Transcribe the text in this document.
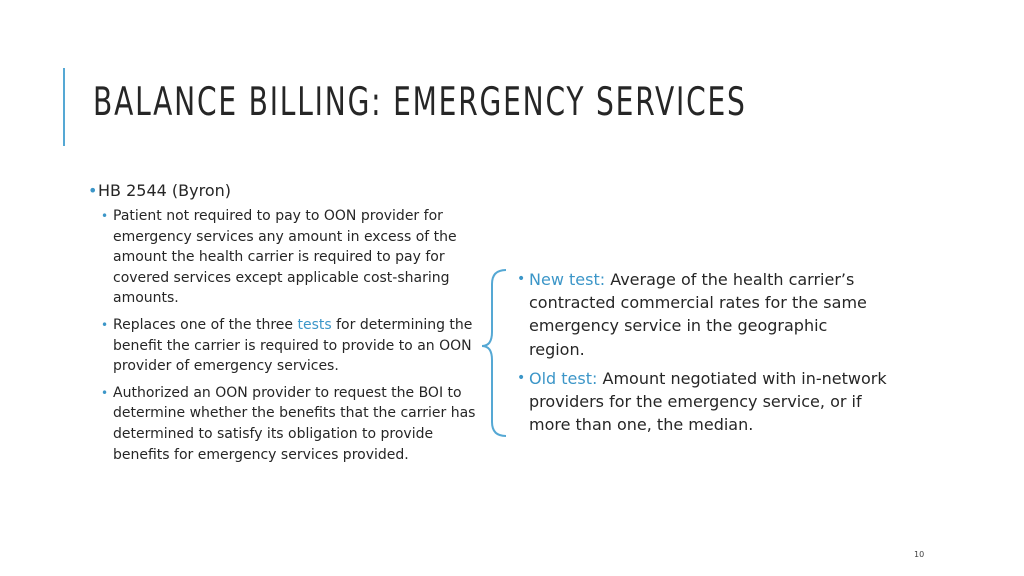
BALANCE BILLING: EMERGENCY SERVICES
• HB 2544 (Byron)
• Patient not required to pay to OON provider for emergency services any amount in excess of the amount the health carrier is required to pay for covered services except applicable cost-sharing amounts.
• Replaces one of the three tests for determining the benefit the carrier is required to provide to an OON provider of emergency services.
• Authorized an OON provider to request the BOI to determine whether the benefits that the carrier has determined to satisfy its obligation to provide benefits for emergency services provided.
• New test: Average of the health carrier’s contracted commercial rates for the same emergency service in the geographic region.
• Old test: Amount negotiated with in-network providers for the emergency service, or if more than one, the median.
10
